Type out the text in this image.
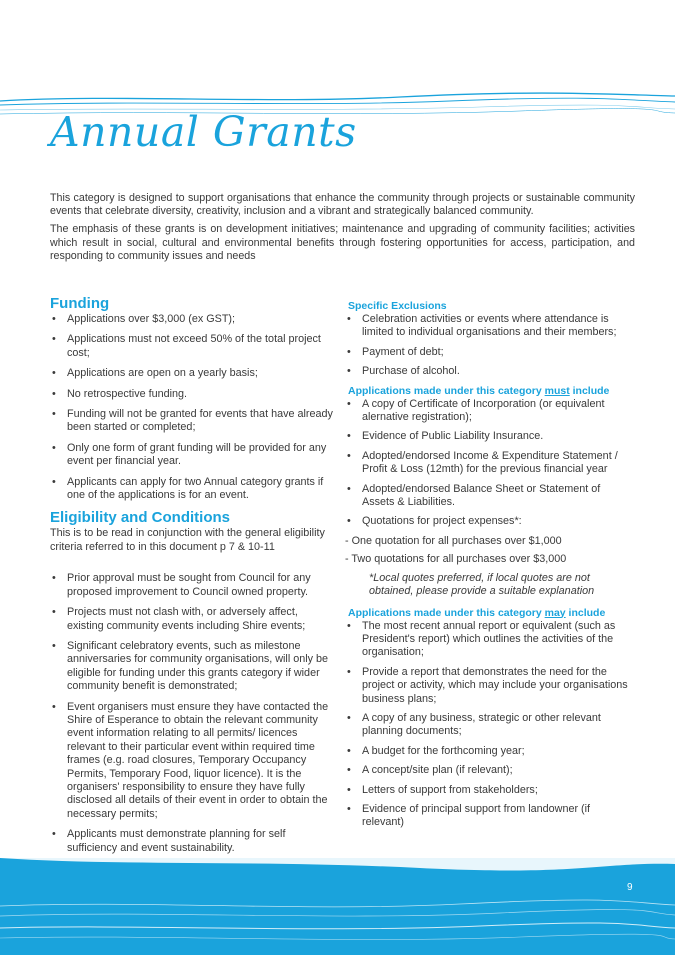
Annual Grants

This category is designed to support organisations that enhance the community through projects or sustainable community events that celebrate diversity, creativity, inclusion and a vibrant and strategically balanced community.

The emphasis of these grants is on development initiatives; maintenance and upgrading of community facilities; activities which result in social, cultural and environmental benefits through fostering opportunities for access, participation, and responding to community issues and needs

Funding
• Applications over $3,000 (ex GST);
• Applications must not exceed 50% of the total project cost;
• Applications are open on a yearly basis;
• No retrospective funding.
• Funding will not be granted for events that have already been started or completed;
• Only one form of grant funding will be provided for any event per financial year.
• Applicants can apply for two Annual category grants if one of the applications is for an event.
Eligibility and Conditions

This is to be read in conjunction with the general eligibility criteria referred to in this document p 7 & 10-11

• Prior approval must be sought from Council for any proposed improvement to Council owned property.
• Projects must not clash with, or adversely affect, existing community events including Shire events;
• Significant celebratory events, such as milestone anniversaries for community organisations, will only be eligible for funding under this grants category if wider community benefit is demonstrated;
• Event organisers must ensure they have contacted the Shire of Esperance to obtain the relevant community event information relating to all permits/ licences relevant to their particular event within required time frames (e.g. road closures, Temporary Occupancy Permits, Temporary Food, liquor licence). It is the organisers' responsibility to ensure they have fully disclosed all details of their event in order to obtain the necessary permits;
• Applicants must demonstrate planning for self sufficiency and event sustainability.
Specific Exclusions
• Celebration activities or events where attendance is limited to individual organisations and their members;
• Payment of debt;
• Purchase of alcohol.
Applications made under this category must include
• A copy of Certificate of Incorporation (or equivalent alernative registration);
• Evidence of Public Liability Insurance.
• Adopted/endorsed Income & Expenditure Statement / Profit & Loss (12mth) for the previous financial year
• Adopted/endorsed Balance Sheet or Statement of Assets & Liabilities.
• Quotations for project expenses*:
- One quotation for all purchases over $1,000
- Two quotations for all purchases over $3,000
*Local quotes preferred, if local quotes are not obtained, please provide a suitable explanation
Applications made under this category may include
• The most recent annual report or equivalent (such as President's report) which outlines the activities of the organisation;
• Provide a report that demonstrates the need for the project or activity, which may include your organisations business plans;
• A copy of any business, strategic or other relevant planning documents;
• A budget for the forthcoming year;
• A concept/site plan (if relevant);
• Letters of support from stakeholders;
• Evidence of principal support from landowner (if relevant)
9
